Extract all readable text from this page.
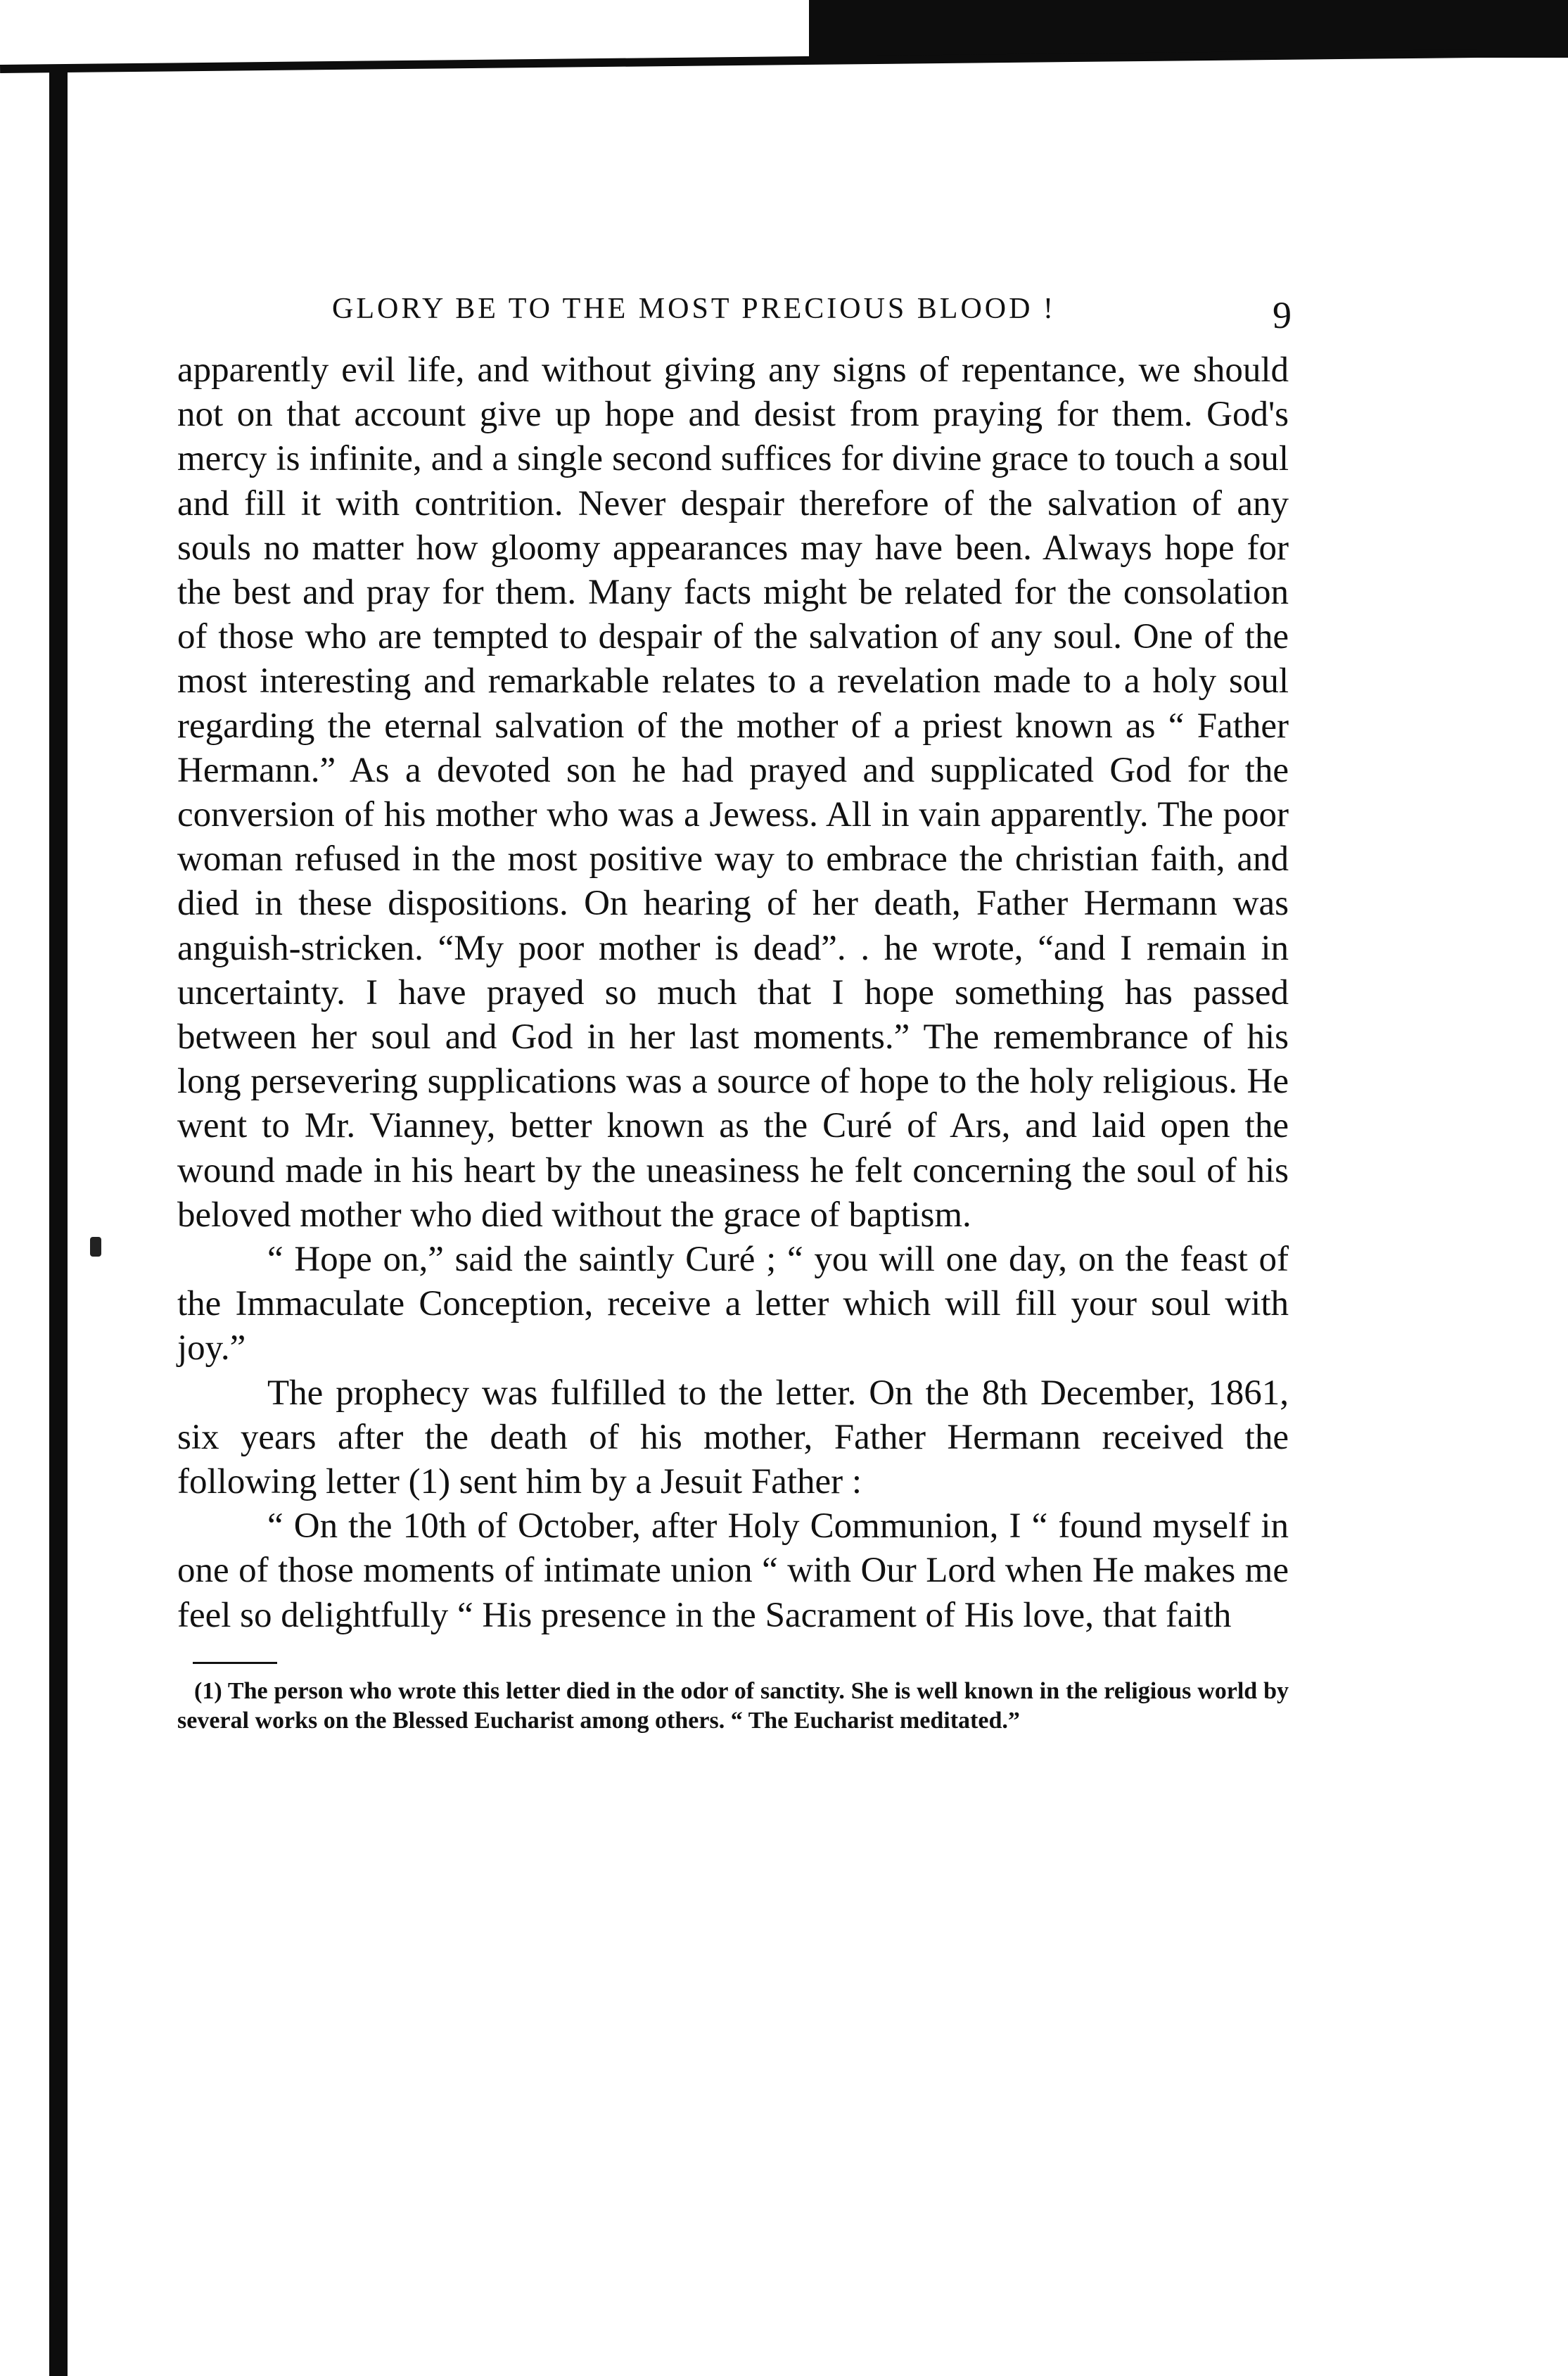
GLORY BE TO THE MOST PRECIOUS BLOOD !	9

apparently evil life, and without giving any signs of repentance, we should not on that account give up hope and desist from praying for them. God's mercy is infinite, and a single second suffices for divine grace to touch a soul and fill it with contrition. Never despair therefore of the salvation of any souls no matter how gloomy appearances may have been. Always hope for the best and pray for them. Many facts might be related for the consolation of those who are tempted to despair of the salvation of any soul. One of the most interesting and remarkable relates to a revelation made to a holy soul regarding the eternal salvation of the mother of a priest known as “ Father Hermann.” As a devoted son he had prayed and supplicated God for the conversion of his mother who was a Jewess. All in vain apparently. The poor woman refused in the most positive way to embrace the christian faith, and died in these dispositions. On hearing of her death, Father Hermann was anguish-stricken. “My poor mother is dead”. . he wrote, “and I remain in uncertainty. I have prayed so much that I hope something has passed between her soul and God in her last moments.” The remembrance of his long persevering supplications was a source of hope to the holy religious. He went to Mr. Vianney, better known as the Curé of Ars, and laid open the wound made in his heart by the uneasiness he felt concerning the soul of his beloved mother who died without the grace of baptism.

“ Hope on,” said the saintly Curé ; “ you will one day, on the feast of the Immaculate Conception, receive a letter which will fill your soul with joy.”

The prophecy was fulfilled to the letter. On the 8th December, 1861, six years after the death of his mother, Father Hermann received the following letter (1) sent him by a Jesuit Father :

“ On the 10th of October, after Holy Communion, I “ found myself in one of those moments of intimate union “ with Our Lord when He makes me feel so delightfully “ His presence in the Sacrament of His love, that faith

(1) The person who wrote this letter died in the odor of sanctity. She is well known in the religious world by several works on the Blessed Eucharist among others. “ The Eucharist meditated.”
